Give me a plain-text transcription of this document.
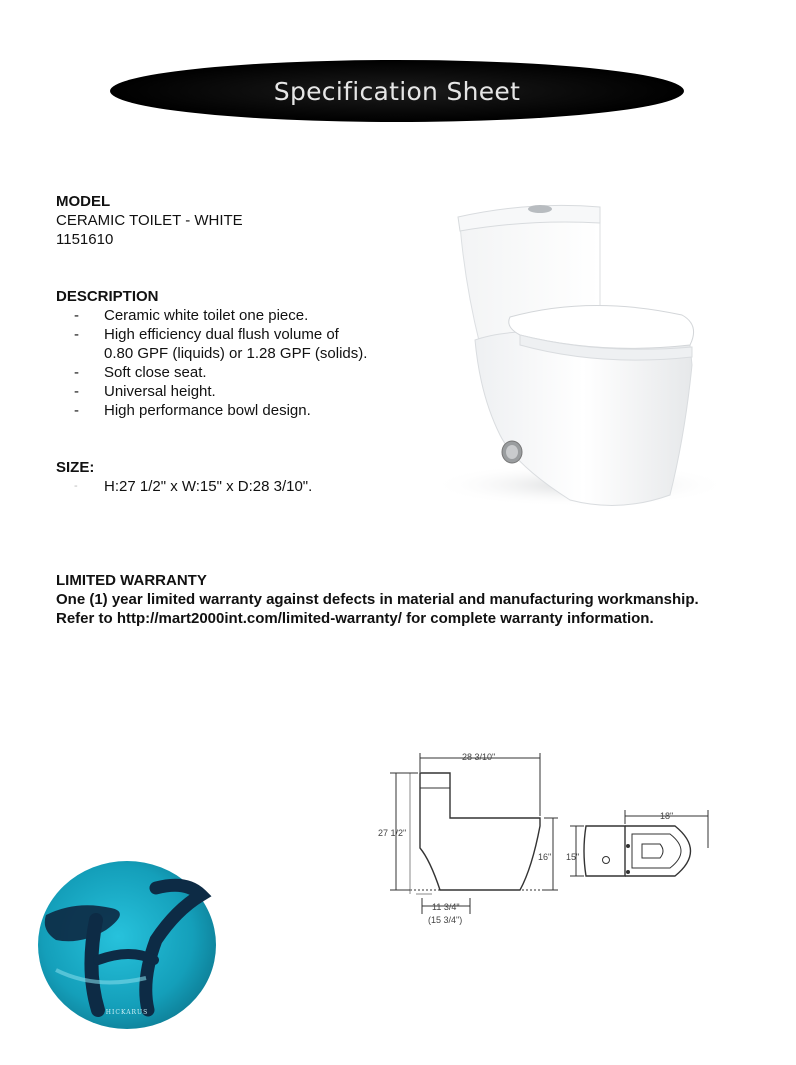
Specification Sheet
MODEL
CERAMIC TOILET - WHITE
1151610
DESCRIPTION
- Ceramic white toilet one piece.
- High efficiency dual flush volume of
0.80 GPF (liquids) or 1.28 GPF (solids).
- Soft close seat.
- Universal height.
- High performance bowl design.
SIZE:
- H:27 1/2" x W:15" x D:28 3/10".
LIMITED WARRANTY
One (1) year limited warranty against defects in material and manufacturing workmanship.
Refer to http://mart2000int.com/limited-warranty/ for complete warranty information.
28 3/10"
27 1/2"
16"
11 3/4"
(15 3/4")
18"
15"
HICKARUS
